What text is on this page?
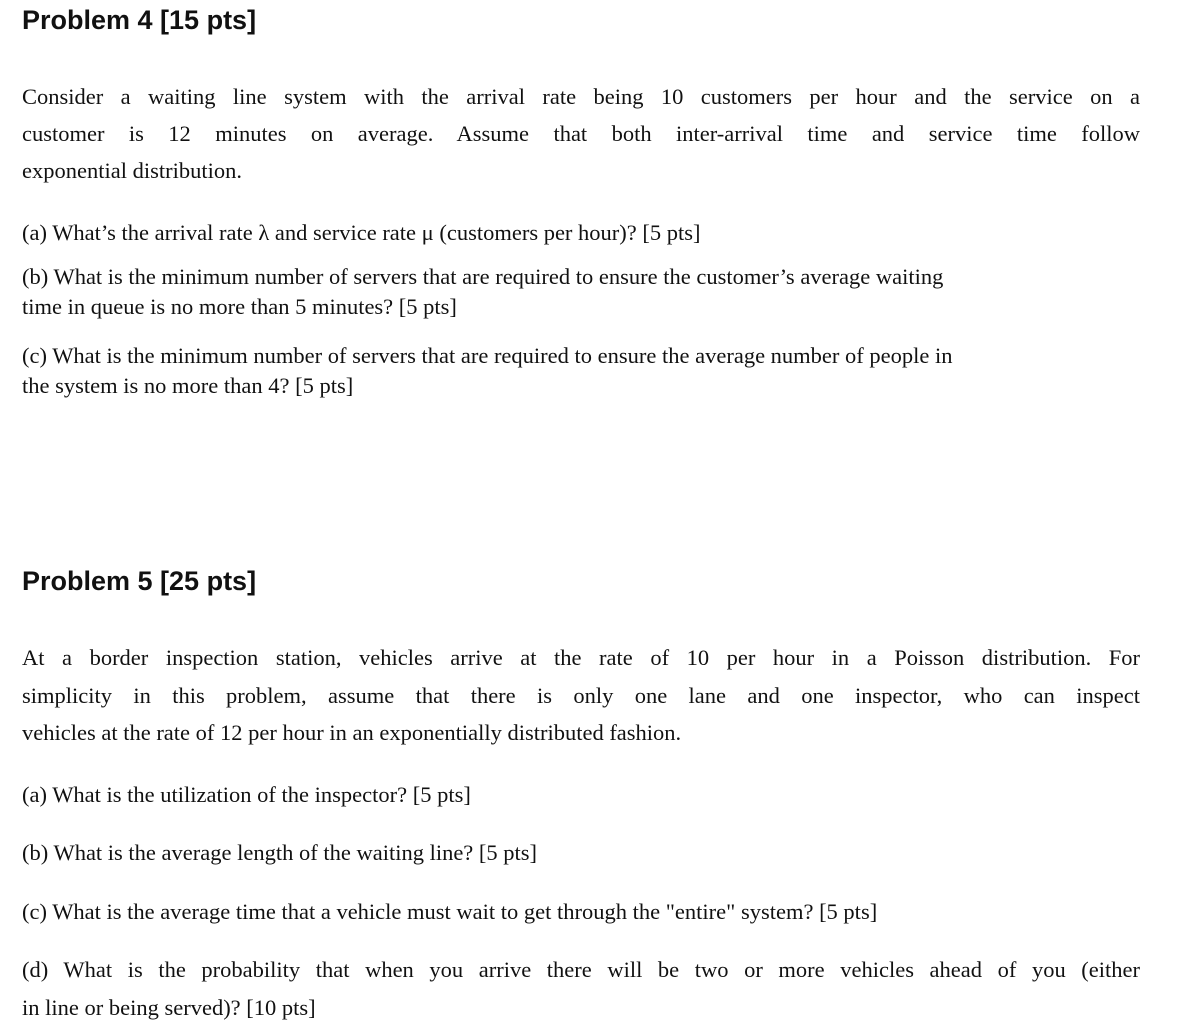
Problem 4 [15 pts]
Consider a waiting line system with the arrival rate being 10 customers per hour and the service on a
customer is 12 minutes on average. Assume that both inter-arrival time and service time follow
exponential distribution.
(a) What’s the arrival rate λ and service rate μ (customers per hour)? [5 pts]
(b) What is the minimum number of servers that are required to ensure the customer’s average waiting
time in queue is no more than 5 minutes? [5 pts]
(c) What is the minimum number of servers that are required to ensure the average number of people in
the system is no more than 4? [5 pts]
Problem 5 [25 pts]
At a border inspection station, vehicles arrive at the rate of 10 per hour in a Poisson distribution. For
simplicity in this problem, assume that there is only one lane and one inspector, who can inspect
vehicles at the rate of 12 per hour in an exponentially distributed fashion.
(a) What is the utilization of the inspector? [5 pts]
(b) What is the average length of the waiting line? [5 pts]
(c) What is the average time that a vehicle must wait to get through the "entire" system? [5 pts]
(d) What is the probability that when you arrive there will be two or more vehicles ahead of you (either
in line or being served)? [10 pts]
